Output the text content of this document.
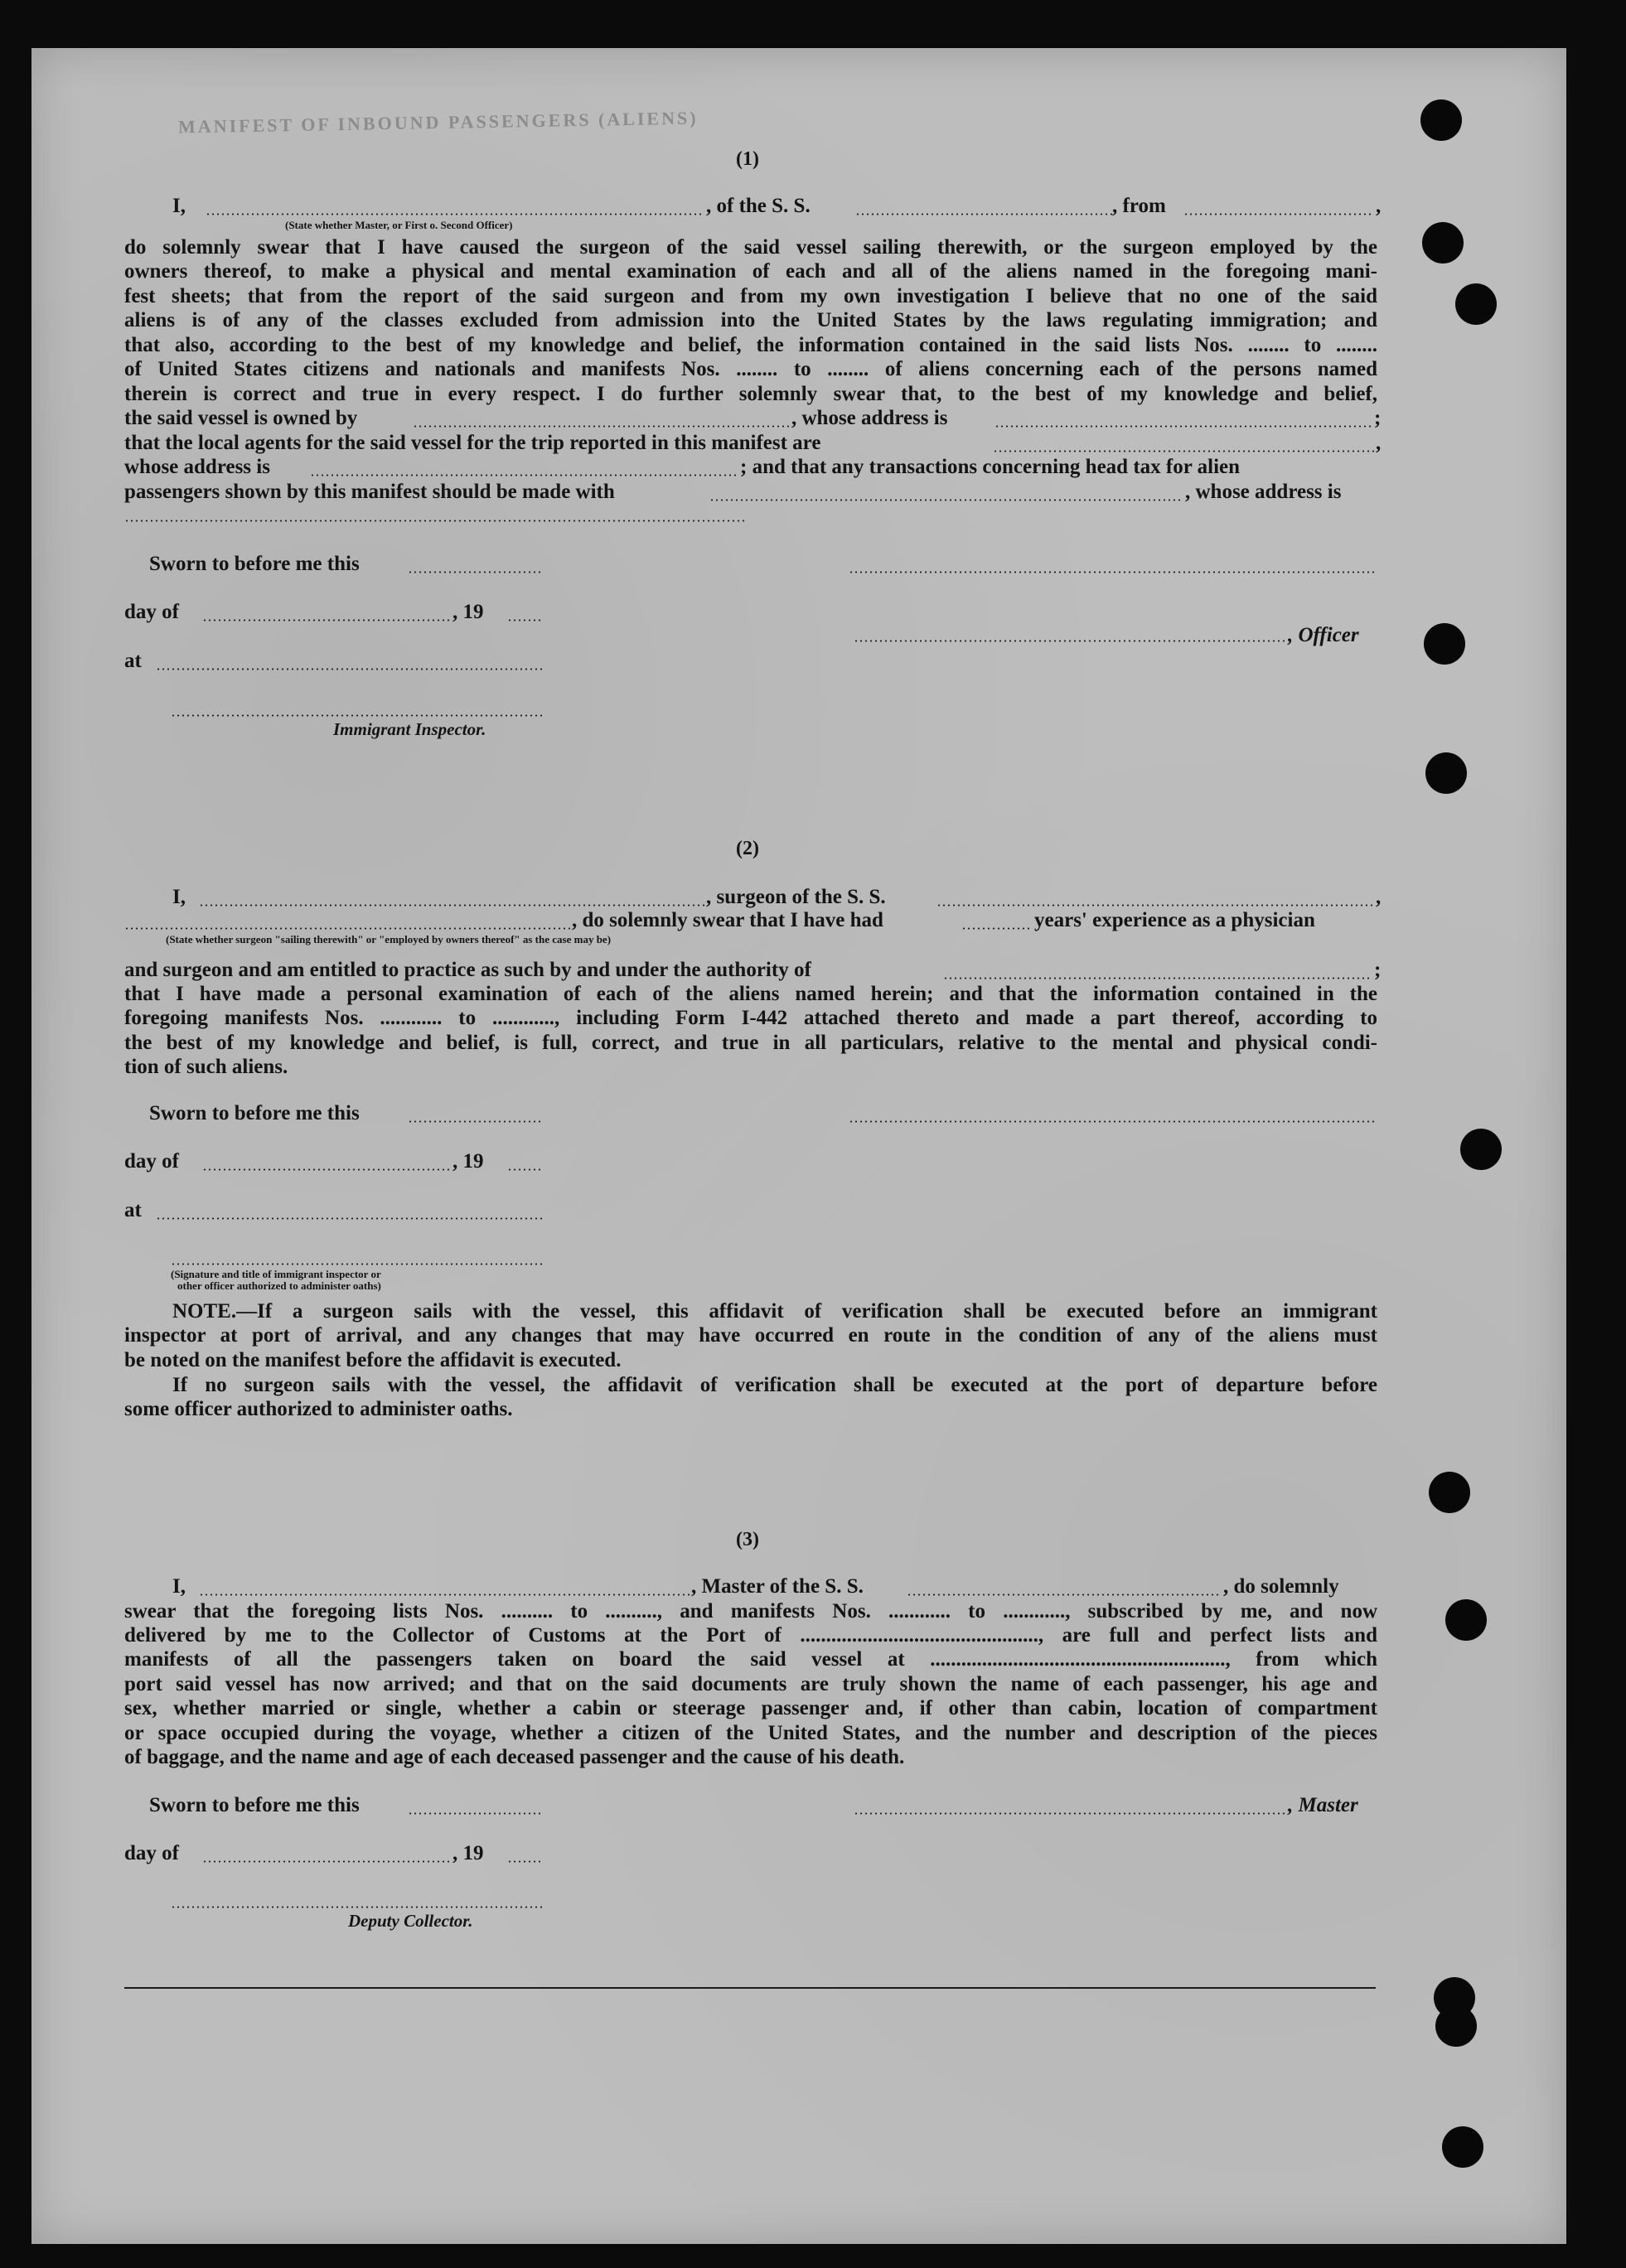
MANIFEST OF INBOUND PASSENGERS (ALIENS)
(1)
I,	, of the S. S.	, from	,
(State whether Master, or First o. Second Officer)
do solemnly swear that I have caused the surgeon of the said vessel sailing therewith, or the surgeon employed by the
owners thereof, to make a physical and mental examination of each and all of the aliens named in the foregoing mani-
fest sheets; that from the report of the said surgeon and from my own investigation I believe that no one of the said
aliens is of any of the classes excluded from admission into the United States by the laws regulating immigration; and
that also, according to the best of my knowledge and belief, the information contained in the said lists Nos. ........ to ........
of United States citizens and nationals and manifests Nos. ........ to ........ of aliens concerning each of the persons named
therein is correct and true in every respect. I do further solemnly swear that, to the best of my knowledge and belief,
the said vessel is owned by	, whose address is	;
that the local agents for the said vessel for the trip reported in this manifest are	,
whose address is	; and that any transactions concerning head tax for alien
passengers shown by this manifest should be made with	, whose address is
Sworn to before me this
day of	, 19
, Officer
at
Immigrant Inspector.
(2)
I,	, surgeon of the S. S.	,
, do solemnly swear that I have had	years' experience as a physician
(State whether surgeon "sailing therewith" or "employed by owners thereof" as the case may be)
and surgeon and am entitled to practice as such by and under the authority of	;
that I have made a personal examination of each of the aliens named herein; and that the information contained in the
foregoing manifests Nos. ............ to ............, including Form I-442 attached thereto and made a part thereof, according to
the best of my knowledge and belief, is full, correct, and true in all particulars, relative to the mental and physical condi-
tion of such aliens.
Sworn to before me this
day of	, 19
at
(Signature and title of immigrant inspector or
other officer authorized to administer oaths)
NOTE.—If a surgeon sails with the vessel, this affidavit of verification shall be executed before an immigrant
inspector at port of arrival, and any changes that may have occurred en route in the condition of any of the aliens must
be noted on the manifest before the affidavit is executed.
If no surgeon sails with the vessel, the affidavit of verification shall be executed at the port of departure before
some officer authorized to administer oaths.
(3)
I,	, Master of the S. S.	, do solemnly
swear that the foregoing lists Nos. .......... to .........., and manifests Nos. ............ to ............, subscribed by me, and now
delivered by me to the Collector of Customs at the Port of .............................................., are full and perfect lists and
manifests of all the passengers taken on board the said vessel at ........................................................., from which
port said vessel has now arrived; and that on the said documents are truly shown the name of each passenger, his age and
sex, whether married or single, whether a cabin or steerage passenger and, if other than cabin, location of compartment
or space occupied during the voyage, whether a citizen of the United States, and the number and description of the pieces
of baggage, and the name and age of each deceased passenger and the cause of his death.
Sworn to before me this	, Master
day of	, 19
Deputy Collector.
